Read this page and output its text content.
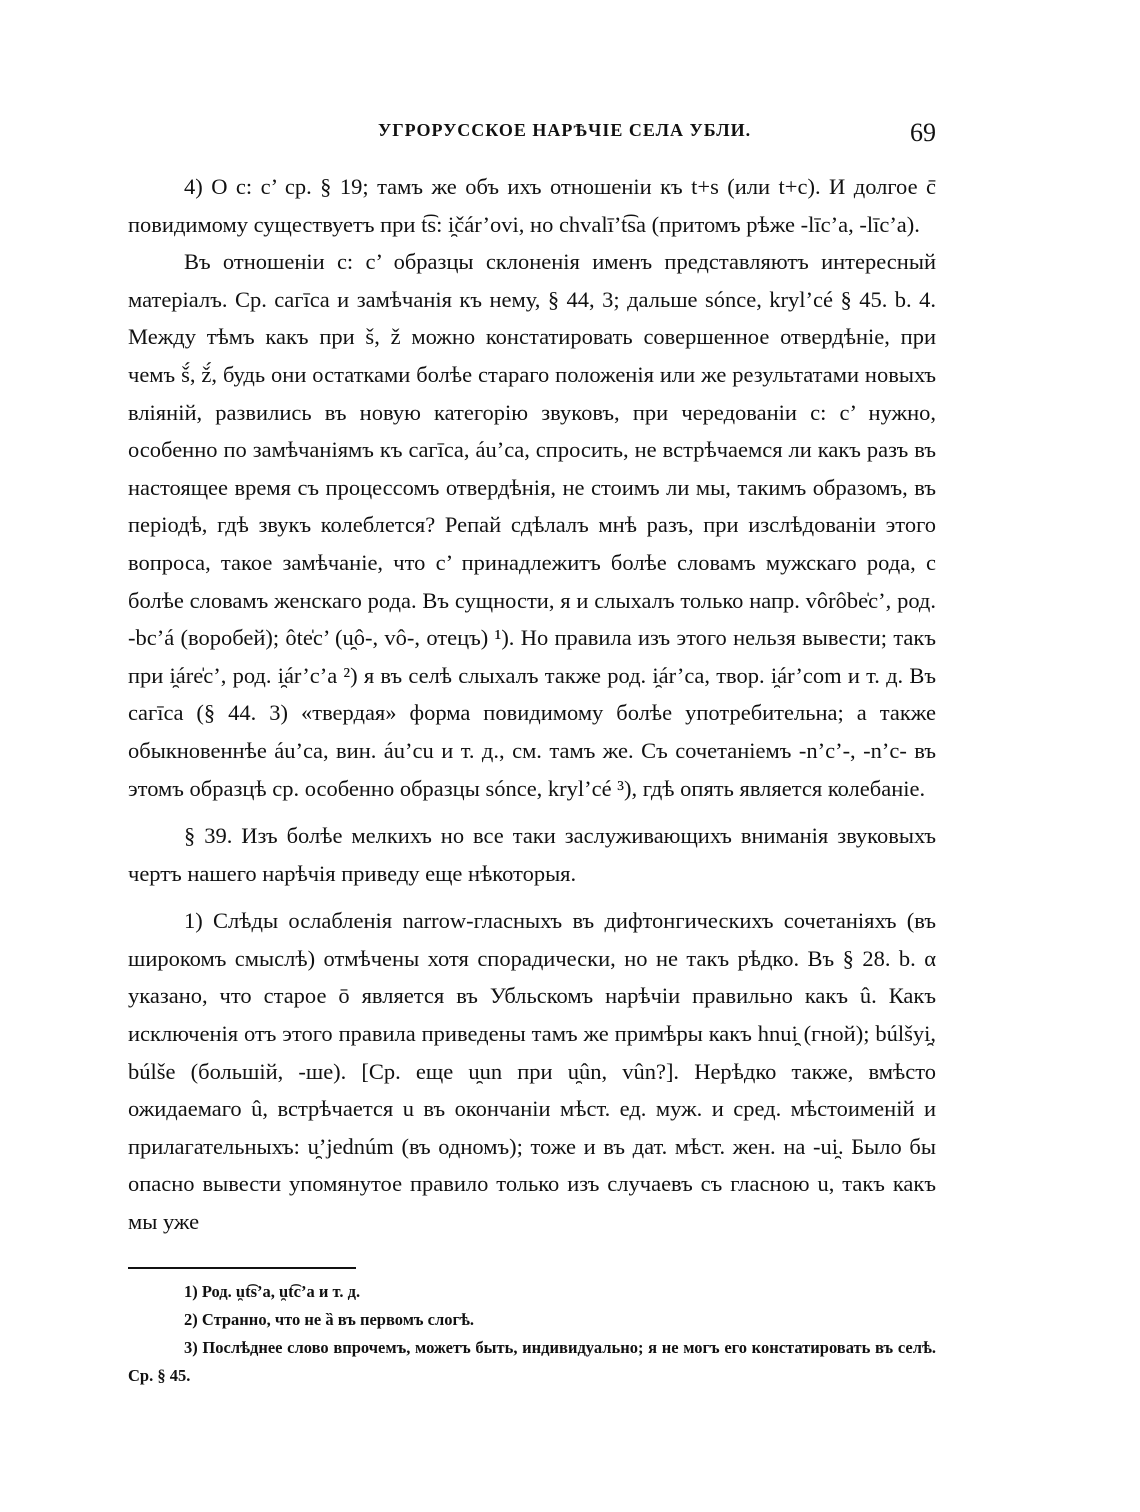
УГРОРУССКОЕ НАРѢЧІЕ СЕЛА УБЛИ.	69

4) О c: c’ ср. § 19; тамъ же объ ихъ отношеніи къ t+s (или t+c). И долгое c̄ повидимому существуетъ при t͡s: i̯čár’ovi, но chvalī’t͡sa (притомъ рѣже -līc’a, -līc’a).

Въ отношеніи c: c’ образцы склоненія именъ представляютъ интересный матеріалъ. Ср. caгīca и замѣчанія къ нему, § 44, 3; дальше sónce, kryl’cé § 45. b. 4. Между тѣмъ какъ при š, ž можно констатировать совершенное отвердѣніе, при чемъ š́, ž́, будь они остатками болѣе стараго положенія или же результатами новыхъ вліяній, развились въ новую категорію звуковъ, при чередованіи c: c’ нужно, особенно по замѣчаніямъ къ caгīca, áu’ca, спросить, не встрѣчаемся ли какъ разъ въ настоящее время съ процессомъ отвердѣнія, не стоимъ ли мы, такимъ образомъ, въ періодѣ, гдѣ звукъ колеблется? Репай сдѣлалъ мнѣ разъ, при изслѣдованіи этого вопроса, такое замѣчаніе, что c’ принадлежитъ болѣе словамъ мужскаго рода, c болѣе словамъ женскаго рода. Въ сущности, я и слыхалъ только напр. vôrôbe̍c’, род. -bc’á (воробей); ôte̍c’ (u̯ô-, vô-, отецъ) ¹). Но правила изъ этого нельзя вывести; такъ при i̯áre̍c’, род. i̯ár’c’a ²) я въ селѣ слыхалъ также род. i̯ár’ca, твор. i̯ár’com и т. д. Въ caгīca (§ 44. 3) «твердая» форма повидимому болѣе употребительна; а также обыкновеннѣе áu’ca, вин. áu’cu и т. д., см. тамъ же. Съ сочетаніемъ -n’c’-, -n’c- въ этомъ образцѣ ср. особенно образцы sónce, kryl’cé ³), гдѣ опять является колебаніе.

§ 39. Изъ болѣе мелкихъ но все таки заслуживающихъ вниманія звуковыхъ чертъ нашего нарѣчія приведу еще нѣкоторыя.

1) Слѣды ослабленія narrow-гласныхъ въ дифтонгическихъ сочетаніяхъ (въ широкомъ смыслѣ) отмѣчены хотя спорадически, но не такъ рѣдко. Въ § 28. b. α указано, что старое ō является въ Убльскомъ нарѣчіи правильно какъ û. Какъ исключенія отъ этого правила приведены тамъ же примѣры какъ hnui̯ (гной); búlšyi̯, búlše (большій, -ше). [Ср. еще u̯un при u̯ûn, vûn?]. Нерѣдко также, вмѣсто ожидаемаго û, встрѣчается u въ окончаніи мѣст. ед. муж. и сред. мѣстоименій и прилагательныхъ: u̯’jednúm (въ одномъ); тоже и въ дат. мѣст. жен. на -ui̯. Было бы опасно вывести упомянутое правило только изъ случаевъ съ гласною u, такъ какъ мы уже

1) Род. u̯t͡s’a, u̯t͡c’a и т. д.

2) Странно, что не ȁ въ первомъ слогѣ.

3) Послѣднее слово впрочемъ, можетъ быть, индивидуально; я не могъ его констатировать въ селѣ. Ср. § 45.
